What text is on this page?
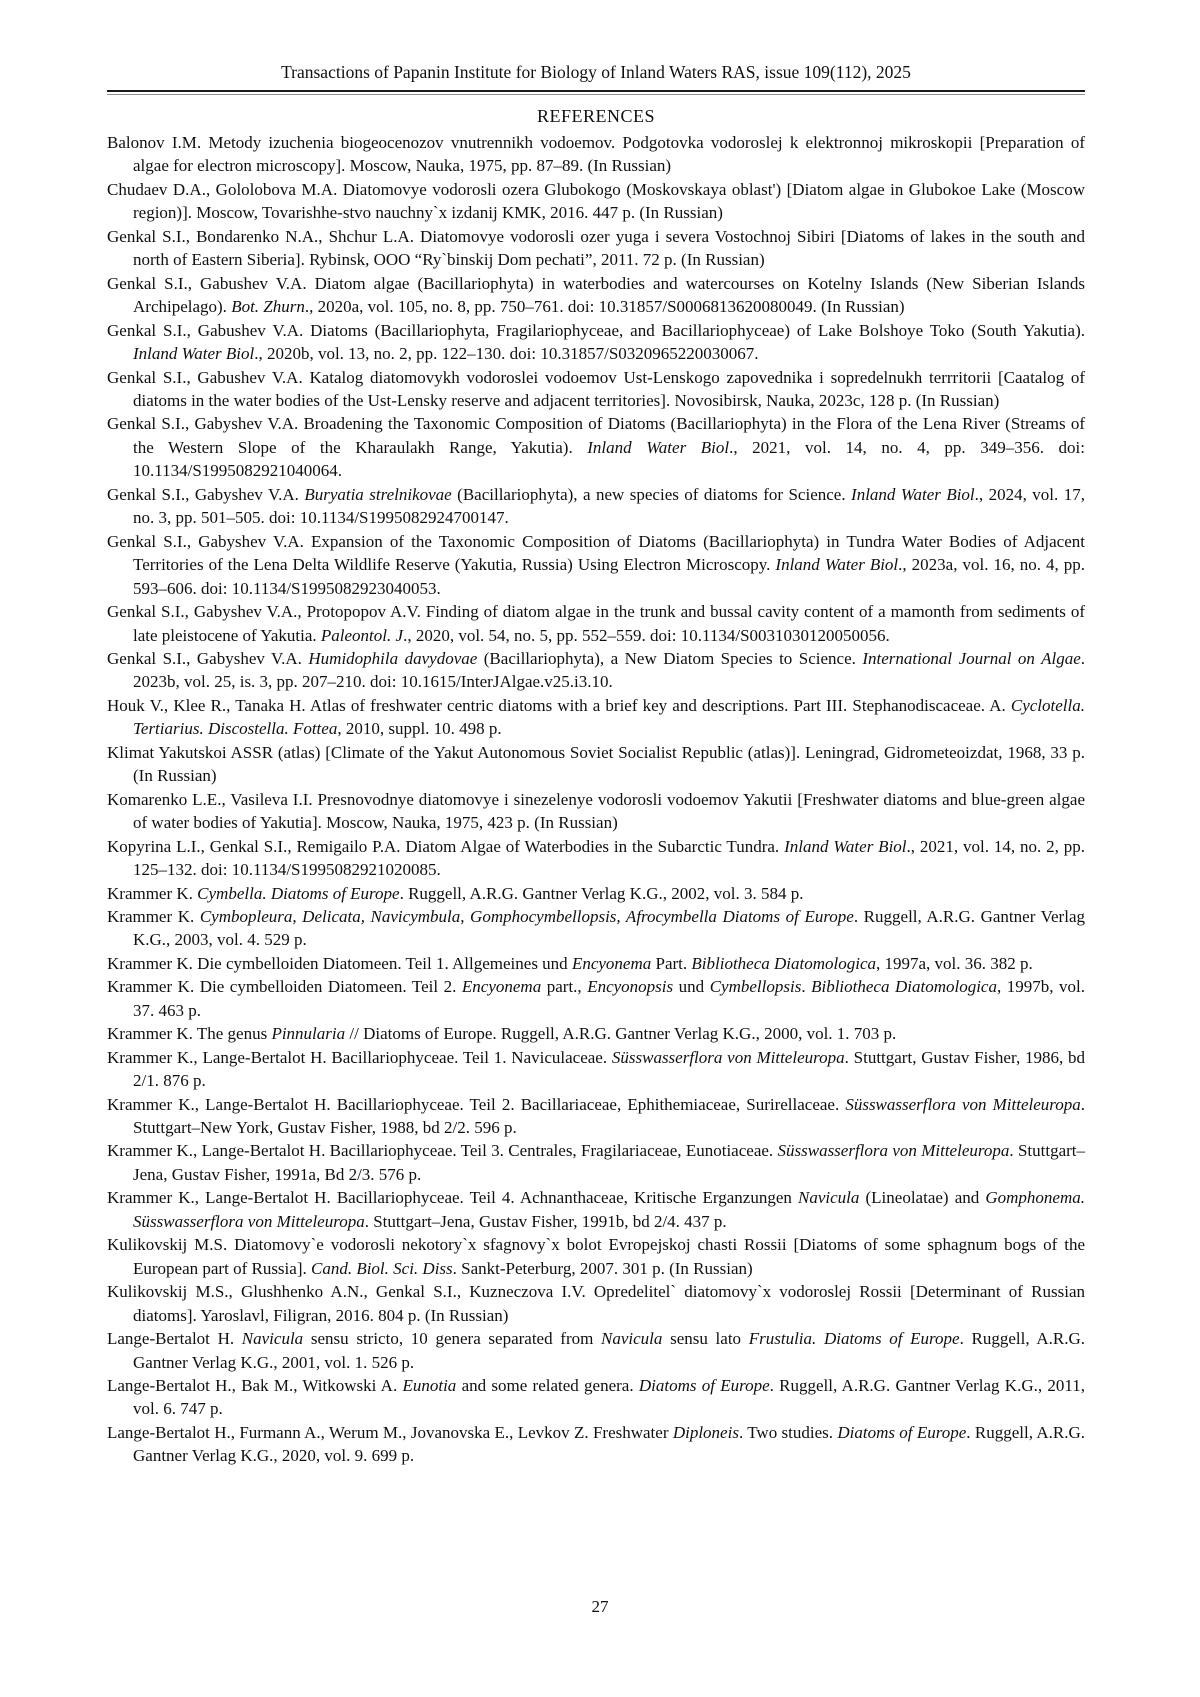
Transactions of Papanin Institute for Biology of Inland Waters RAS, issue 109(112), 2025
REFERENCES

Balonov I.M. Metody izuchenia biogeocenozov vnutrennikh vodoemov. Podgotovka vodoroslej k elektronnoj mikroskopii [Preparation of algae for electron microscopy]. Moscow, Nauka, 1975, pp. 87–89. (In Russian)

Chudaev D.A., Gololobova M.A. Diatomovye vodorosli ozera Glubokogo (Moskovskaya oblast') [Diatom algae in Glubokoe Lake (Moscow region)]. Moscow, Tovarishhe-stvo nauchny`x izdanij KMK, 2016. 447 p. (In Russian)

Genkal S.I., Bondarenko N.A., Shchur L.A. Diatomovye vodorosli ozer yuga i severa Vostochnoj Sibiri [Diatoms of lakes in the south and north of Eastern Siberia]. Rybinsk, OOO “Ry`binskij Dom pechati”, 2011. 72 p. (In Russian)

Genkal S.I., Gabushev V.A. Diatom algae (Bacillariophyta) in waterbodies and watercourses on Kotelny Islands (New Siberian Islands Archipelago). Bot. Zhurn., 2020a, vol. 105, no. 8, pp. 750–761. doi: 10.31857/S0006813620080049. (In Russian)

Genkal S.I., Gabushev V.A. Diatoms (Bacillariophyta, Fragilariophyceae, and Bacillariophyceae) of Lake Bolshoye Toko (South Yakutia). Inland Water Biol., 2020b, vol. 13, no. 2, pp. 122–130. doi: 10.31857/S0320965220030067.

Genkal S.I., Gabushev V.A. Katalog diatomovykh vodoroslei vodoemov Ust-Lenskogo zapovednika i sopredelnukh terrritorii [Caatalog of diatoms in the water bodies of the Ust-Lensky reserve and adjacent territories]. Novosibirsk, Nauka, 2023c, 128 p. (In Russian)

Genkal S.I., Gabyshev V.A. Broadening the Taxonomic Composition of Diatoms (Bacillariophyta) in the Flora of the Lena River (Streams of the Western Slope of the Kharaulakh Range, Yakutia). Inland Water Biol., 2021, vol. 14, no. 4, pp. 349–356. doi: 10.1134/S1995082921040064.

Genkal S.I., Gabyshev V.A. Buryatia strelnikovae (Bacillariophyta), a new species of diatoms for Science. Inland Water Biol., 2024, vol. 17, no. 3, pp. 501–505. doi: 10.1134/S1995082924700147.

Genkal S.I., Gabyshev V.A. Expansion of the Taxonomic Composition of Diatoms (Bacillariophyta) in Tundra Water Bodies of Adjacent Territories of the Lena Delta Wildlife Reserve (Yakutia, Russia) Using Electron Microscopy. Inland Water Biol., 2023a, vol. 16, no. 4, pp. 593–606. doi: 10.1134/S1995082923040053.

Genkal S.I., Gabyshev V.A., Protopopov A.V. Finding of diatom algae in the trunk and bussal cavity content of a mamonth from sediments of late pleistocene of Yakutia. Paleontol. J., 2020, vol. 54, no. 5, pp. 552–559. doi: 10.1134/S0031030120050056.

Genkal S.I., Gabyshev V.A. Humidophila davydovae (Bacillariophyta), a New Diatom Species to Science. International Journal on Algae. 2023b, vol. 25, is. 3, pp. 207–210. doi: 10.1615/InterJAlgae.v25.i3.10.

Houk V., Klee R., Tanaka H. Atlas of freshwater centric diatoms with a brief key and descriptions. Part III. Stephanodiscaceae. A. Cyclotella. Tertiarius. Discostella. Fottea, 2010, suppl. 10. 498 p.

Klimat Yakutskoi ASSR (atlas) [Climate of the Yakut Autonomous Soviet Socialist Republic (atlas)]. Leningrad, Gidrometeoizdat, 1968, 33 p. (In Russian)

Komarenko L.E., Vasileva I.I. Presnovodnye diatomovye i sinezelenye vodorosli vodoemov Yakutii [Freshwater diatoms and blue-green algae of water bodies of Yakutia]. Moscow, Nauka, 1975, 423 p. (In Russian)

Kopyrina L.I., Genkal S.I., Remigailo P.A. Diatom Algae of Waterbodies in the Subarctic Tundra. Inland Water Biol., 2021, vol. 14, no. 2, pp. 125–132. doi: 10.1134/S1995082921020085.

Krammer K. Cymbella. Diatoms of Europe. Ruggell, A.R.G. Gantner Verlag K.G., 2002, vol. 3. 584 p.

Krammer K. Cymbopleura, Delicata, Navicymbula, Gomphocymbellopsis, Afrocymbella Diatoms of Europe. Ruggell, A.R.G. Gantner Verlag K.G., 2003, vol. 4. 529 p.

Krammer K. Die cymbelloiden Diatomeen. Teil 1. Allgemeines und Encyonema Part. Bibliotheca Diatomologica, 1997a, vol. 36. 382 p.

Krammer K. Die cymbelloiden Diatomeen. Teil 2. Encyonema part., Encyonopsis und Cymbellopsis. Bibliotheca Diatomologica, 1997b, vol. 37. 463 p.

Krammer K. The genus Pinnularia // Diatoms of Europe. Ruggell, A.R.G. Gantner Verlag K.G., 2000, vol. 1. 703 p.

Krammer K., Lange-Bertalot H. Bacillariophyceae. Teil 1. Naviculaceae. Süsswasserflora von Mitteleuropa. Stuttgart, Gustav Fisher, 1986, bd 2/1. 876 p.

Krammer K., Lange-Bertalot H. Bacillariophyceae. Teil 2. Bacillariaceae, Ephithemiaceae, Surirellaceae. Süsswasserflora von Mitteleuropa. Stuttgart–New York, Gustav Fisher, 1988, bd 2/2. 596 p.

Krammer K., Lange-Bertalot H. Bacillariophyceae. Teil 3. Centrales, Fragilariaceae, Eunotiaceae. Süsswasserflora von Mitteleuropa. Stuttgart–Jena, Gustav Fisher, 1991a, Bd 2/3. 576 p.

Krammer K., Lange-Bertalot H. Bacillariophyceae. Teil 4. Achnanthaceae, Kritische Erganzungen Navicula (Lineolatae) and Gomphonema. Süsswasserflora von Mitteleuropa. Stuttgart–Jena, Gustav Fisher, 1991b, bd 2/4. 437 p.

Kulikovskij M.S. Diatomovy`e vodorosli nekotory`x sfagnovy`x bolot Evropejskoj chasti Rossii [Diatoms of some sphagnum bogs of the European part of Russia]. Cand. Biol. Sci. Diss. Sankt-Peterburg, 2007. 301 p. (In Russian)

Kulikovskij M.S., Glushhenko A.N., Genkal S.I., Kuzneczova I.V. Opredelitel` diatomovy`x vodoroslej Rossii [Determinant of Russian diatoms]. Yaroslavl, Filigran, 2016. 804 p. (In Russian)

Lange-Bertalot H. Navicula sensu stricto, 10 genera separated from Navicula sensu lato Frustulia. Diatoms of Europe. Ruggell, A.R.G. Gantner Verlag K.G., 2001, vol. 1. 526 p.

Lange-Bertalot H., Bak M., Witkowski A. Eunotia and some related genera. Diatoms of Europe. Ruggell, A.R.G. Gantner Verlag K.G., 2011, vol. 6. 747 p.

Lange-Bertalot H., Furmann A., Werum M., Jovanovska E., Levkov Z. Freshwater Diploneis. Two studies. Diatoms of Europe. Ruggell, A.R.G. Gantner Verlag K.G., 2020, vol. 9. 699 p.

27
